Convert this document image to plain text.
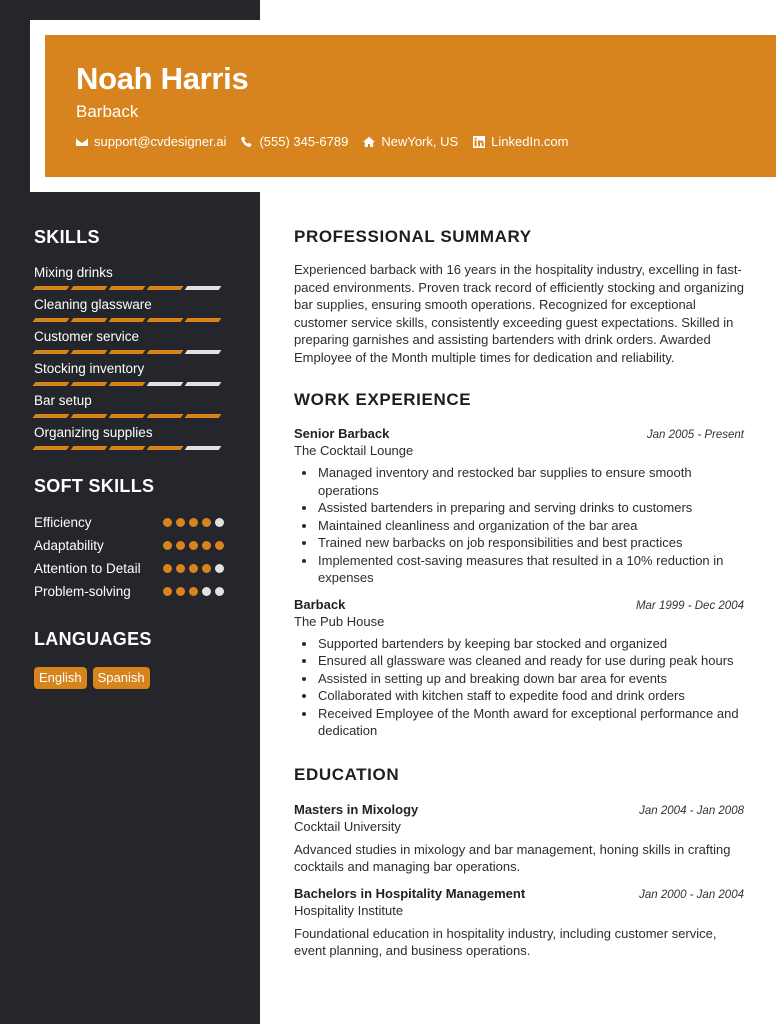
Noah Harris
Barback
support@cvdesigner.ai	(555) 345-6789	NewYork, US	LinkedIn.com
SKILLS
Mixing drinks
Cleaning glassware
Customer service
Stocking inventory
Bar setup
Organizing supplies
SOFT SKILLS
Efficiency
Adaptability
Attention to Detail
Problem-solving
LANGUAGES
English	Spanish
PROFESSIONAL SUMMARY

Experienced barback with 16 years in the hospitality industry, excelling in fast-paced environments. Proven track record of efficiently stocking and organizing bar supplies, ensuring smooth operations. Recognized for exceptional customer service skills, consistently exceeding guest expectations. Skilled in preparing garnishes and assisting bartenders with drink orders. Awarded Employee of the Month multiple times for dedication and reliability.

WORK EXPERIENCE
Senior Barback	Jan 2005 - Present
The Cocktail Lounge
Managed inventory and restocked bar supplies to ensure smooth operations
Assisted bartenders in preparing and serving drinks to customers
Maintained cleanliness and organization of the bar area
Trained new barbacks on job responsibilities and best practices
Implemented cost-saving measures that resulted in a 10% reduction in expenses
Barback	Mar 1999 - Dec 2004
The Pub House
Supported bartenders by keeping bar stocked and organized
Ensured all glassware was cleaned and ready for use during peak hours
Assisted in setting up and breaking down bar area for events
Collaborated with kitchen staff to expedite food and drink orders
Received Employee of the Month award for exceptional performance and dedication
EDUCATION
Masters in Mixology	Jan 2004 - Jan 2008
Cocktail University

Advanced studies in mixology and bar management, honing skills in crafting cocktails and managing bar operations.

Bachelors in Hospitality Management	Jan 2000 - Jan 2004
Hospitality Institute

Foundational education in hospitality industry, including customer service, event planning, and business operations.
